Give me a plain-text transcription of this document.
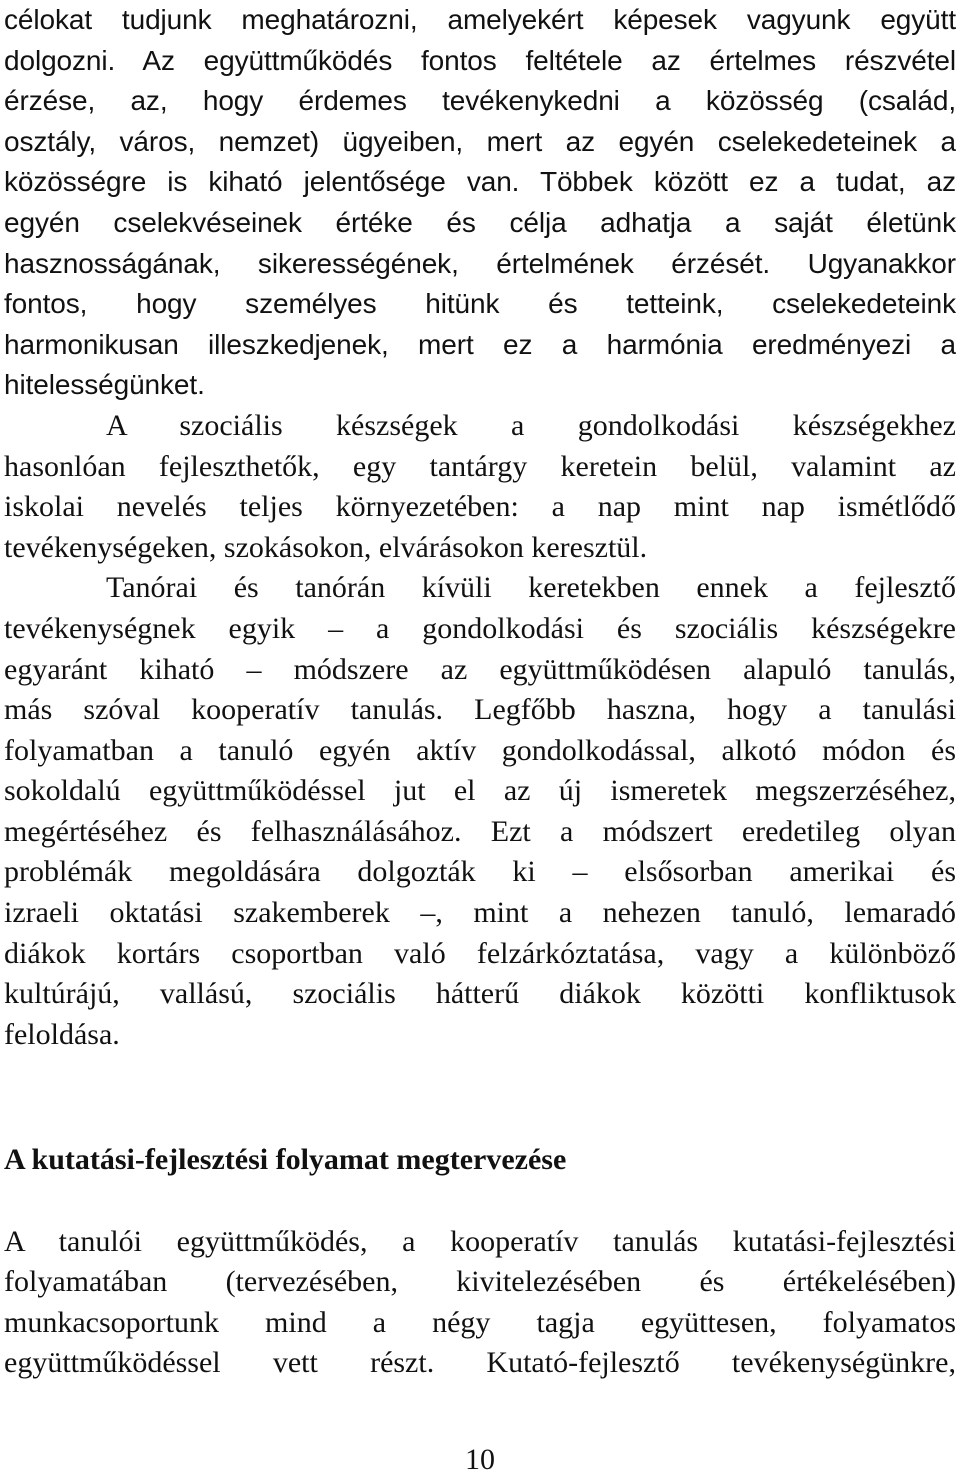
célokat tudjunk meghatározni, amelyekért képesek vagyunk együtt
dolgozni. Az együttműködés fontos feltétele az értelmes részvétel
érzése, az, hogy érdemes tevékenykedni a közösség (család,
osztály, város, nemzet) ügyeiben, mert az egyén cselekedeteinek a
közösségre is kiható jelentősége van. Többek között ez a tudat, az
egyén cselekvéseinek értéke és célja adhatja a saját életünk
hasznosságának, sikerességének, értelmének érzését. Ugyanakkor
fontos, hogy személyes hitünk és tetteink, cselekedeteink
harmonikusan illeszkedjenek, mert ez a harmónia eredményezi a
hitelességünket.
A szociális készségek a gondolkodási készségekhez
hasonlóan fejleszthetők, egy tantárgy keretein belül, valamint az
iskolai nevelés teljes környezetében: a nap mint nap ismétlődő
tevékenységeken, szokásokon, elvárásokon keresztül.
Tanórai és tanórán kívüli keretekben ennek a fejlesztő
tevékenységnek egyik – a gondolkodási és szociális készségekre
egyaránt kiható – módszere az együttműködésen alapuló tanulás,
más szóval kooperatív tanulás. Legfőbb haszna, hogy a tanulási
folyamatban a tanuló egyén aktív gondolkodással, alkotó módon és
sokoldalú együttműködéssel jut el az új ismeretek megszerzéséhez,
megértéséhez és felhasználásához. Ezt a módszert eredetileg olyan
problémák megoldására dolgozták ki – elsősorban amerikai és
izraeli oktatási szakemberek –, mint a nehezen tanuló, lemaradó
diákok kortárs csoportban való felzárkóztatása, vagy a különböző
kultúrájú, vallású, szociális hátterű diákok közötti konfliktusok
feloldása.
A kutatási-fejlesztési folyamat megtervezése
A tanulói együttműködés, a kooperatív tanulás kutatási-fejlesztési
folyamatában (tervezésében, kivitelezésében és értékelésében)
munkacsoportunk mind a négy tagja együttesen, folyamatos
együttműködéssel vett részt. Kutató-fejlesztő tevékenységünkre,
10
